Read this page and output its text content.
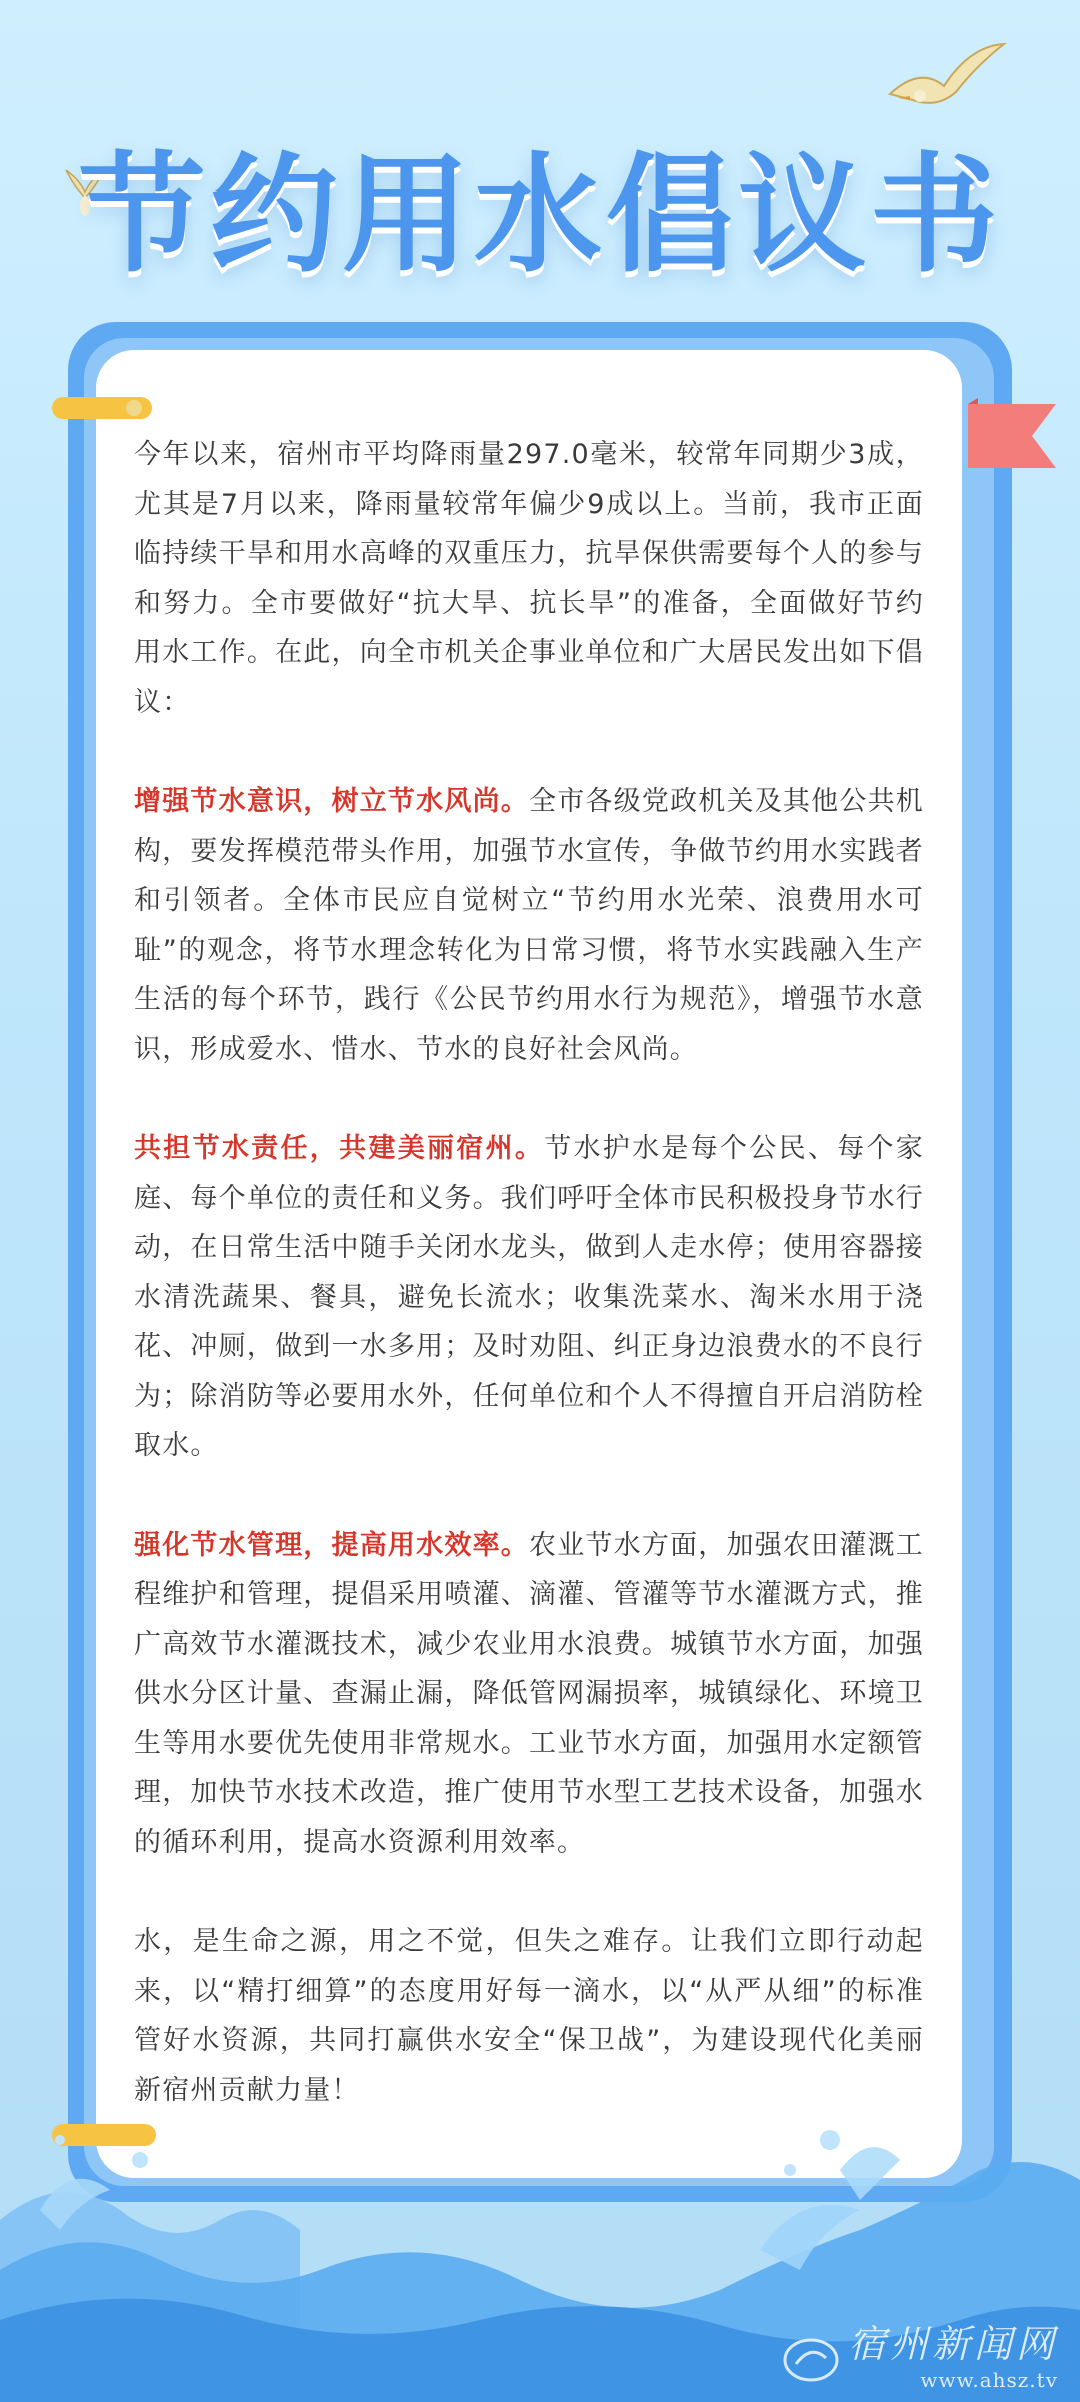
节约用水倡议书

今年以来，宿州市平均降雨量297.0毫米，较常年同期少3成，尤其是7月以来，降雨量较常年偏少9成以上。当前，我市正面临持续干旱和用水高峰的双重压力，抗旱保供需要每个人的参与和努力。全市要做好“抗大旱、抗长旱”的准备，全面做好节约用水工作。在此，向全市机关企事业单位和广大居民发出如下倡议：

增强节水意识，树立节水风尚。全市各级党政机关及其他公共机构，要发挥模范带头作用，加强节水宣传，争做节约用水实践者和引领者。全体市民应自觉树立“节约用水光荣、浪费用水可耻”的观念，将节水理念转化为日常习惯，将节水实践融入生产生活的每个环节，践行《公民节约用水行为规范》，增强节水意识，形成爱水、惜水、节水的良好社会风尚。

共担节水责任，共建美丽宿州。节水护水是每个公民、每个家庭、每个单位的责任和义务。我们呼吁全体市民积极投身节水行动，在日常生活中随手关闭水龙头，做到人走水停；使用容器接水清洗蔬果、餐具，避免长流水；收集洗菜水、淘米水用于浇花、冲厕，做到一水多用；及时劝阻、纠正身边浪费水的不良行为；除消防等必要用水外，任何单位和个人不得擅自开启消防栓取水。

强化节水管理，提高用水效率。农业节水方面，加强农田灌溉工程维护和管理，提倡采用喷灌、滴灌、管灌等节水灌溉方式，推广高效节水灌溉技术，减少农业用水浪费。城镇节水方面，加强供水分区计量、查漏止漏，降低管网漏损率，城镇绿化、环境卫生等用水要优先使用非常规水。工业节水方面，加强用水定额管理，加快节水技术改造，推广使用节水型工艺技术设备，加强水的循环利用，提高水资源利用效率。

水，是生命之源，用之不觉，但失之难存。让我们立即行动起来，以“精打细算”的态度用好每一滴水，以“从严从细”的标准管好水资源，共同打赢供水安全“保卫战”，为建设现代化美丽新宿州贡献力量！

宿州新闻网
www.ahsz.tv
